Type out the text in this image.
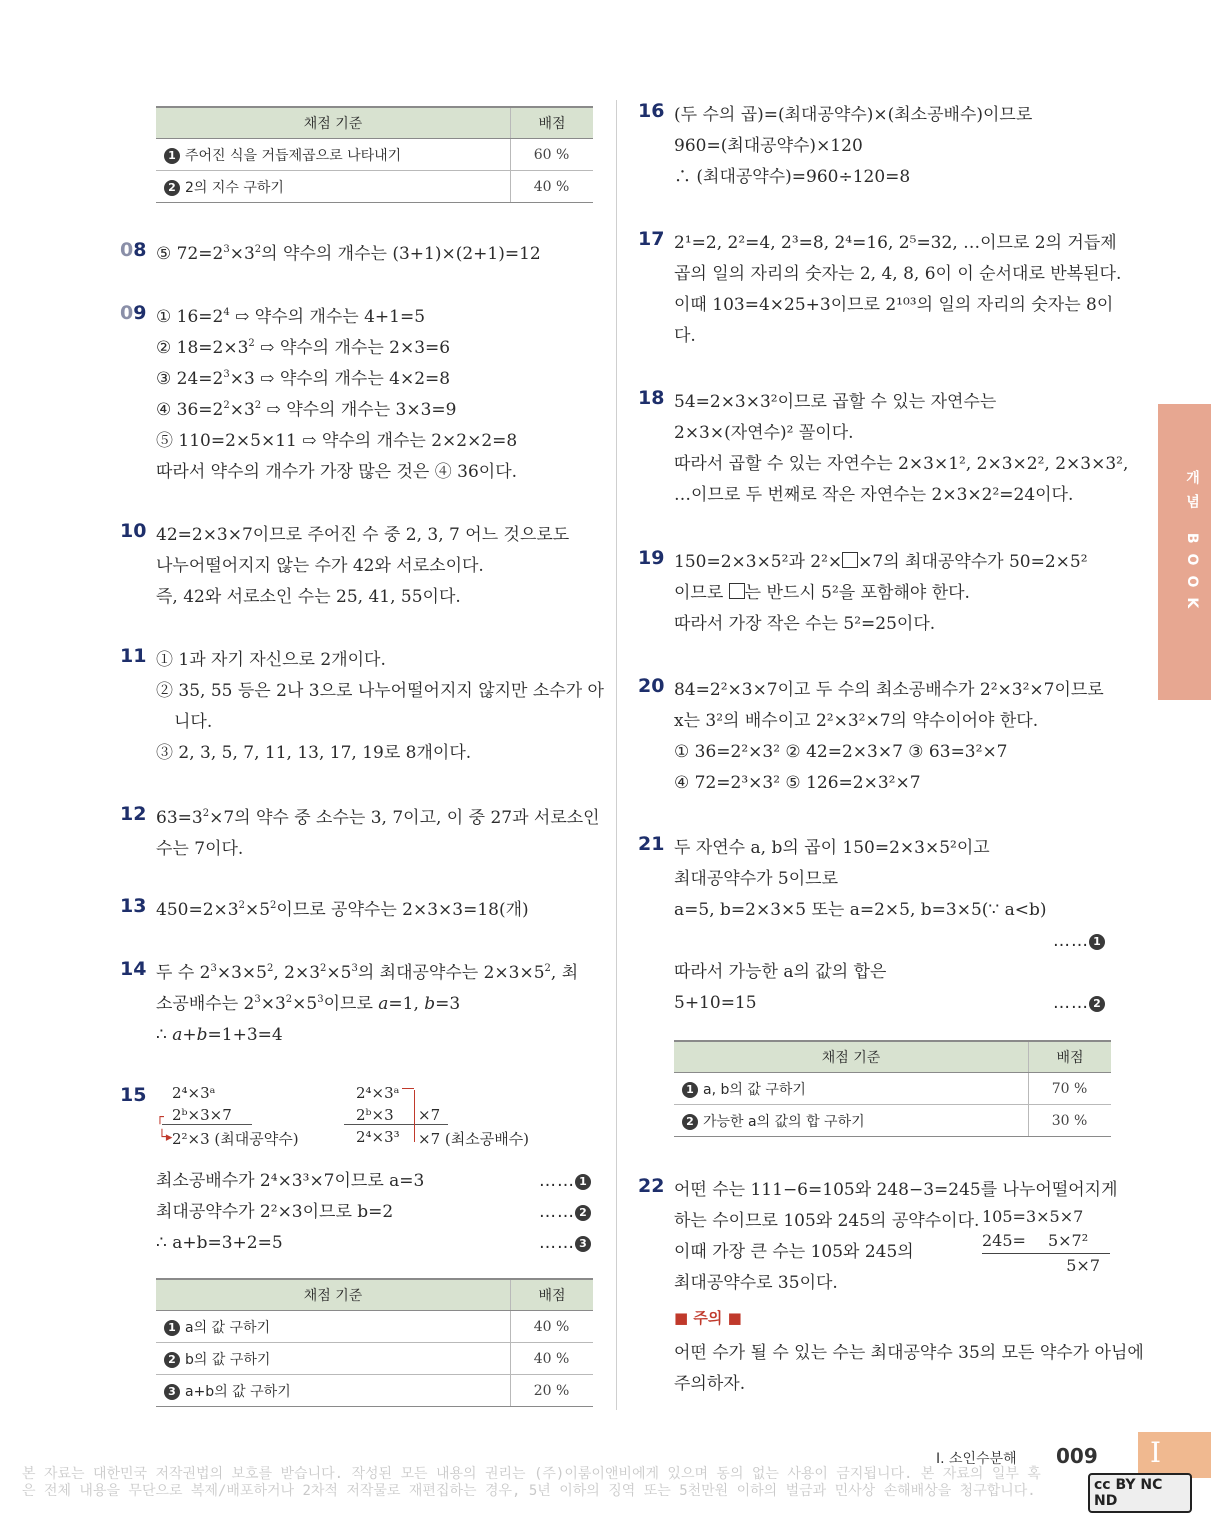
채점 기준	배점
1 주어진 식을 거듭제곱으로 나타내기	60 %
2 2의 지수 구하기	40 %
08 ⑤ $72=2^3\times 3^2$의 약수의 개수는 (3+1)×(2+1)=12
09 ① $16=2^4$ ⇨ 약수의 개수는 4+1=5
② $18=2\times 3^2$ ⇨ 약수의 개수는 2×3=6
③ $24=2^3\times 3$ ⇨ 약수의 개수는 4×2=8
④ $36=2^2\times 3^2$ ⇨ 약수의 개수는 3×3=9
⑤ 110=2×5×11 ⇨ 약수의 개수는 2×2×2=8
따라서 약수의 개수가 가장 많은 것은 ④ 36이다.
10 42=2×3×7이므로 주어진 수 중 2, 3, 7 어느 것으로도
나누어떨어지지 않는 수가 42와 서로소이다.
즉, 42와 서로소인 수는 25, 41, 55이다.
11 ① 1과 자기 자신으로 2개이다.
② 35, 55 등은 2나 3으로 나누어떨어지지 않지만 소수가 아
니다.
③ 2, 3, 5, 7, 11, 13, 17, 19로 8개이다.
12 $63=3^2\times 7$의 약수 중 소수는 3, 7이고, 이 중 27과 서로소인
수는 7이다.
13 $450=2\times 3^2\times 5^2$이므로 공약수는 2×3×3=18(개)
14 두 수 $2^3\times 3\times 5^2$, $2\times 3^2\times 5^3$의 최대공약수는 $2\times 3\times 5^2$, 최
소공배수는 $2^3\times 3^2\times 5^3$이므로 a=1, b=3
∴ a+b=1+3=4
15 2⁴×3ᵃ
2ᵇ×3×7
2²×3 (최대공약수)
┌
└▸
2⁴×3ᵃ
2ᵇ×3 ×7
2⁴×3³ ×7 (최소공배수)
최소공배수가 2⁴×3³×7이므로 a=3	…… 1
최대공약수가 2²×3이므로 b=2	…… 2
∴ a+b=3+2=5	…… 3
채점 기준	배점
1 a의 값 구하기	40 %
2 b의 값 구하기	40 %
3 a+b의 값 구하기	20 %
16 (두 수의 곱)=(최대공약수)×(최소공배수)이므로
960=(최대공약수)×120
∴ (최대공약수)=960÷120=8
17 2¹=2, 2²=4, 2³=8, 2⁴=16, 2⁵=32, …이므로 2의 거듭제
곱의 일의 자리의 숫자는 2, 4, 8, 6이 이 순서대로 반복된다.
이때 103=4×25+3이므로 2¹⁰³의 일의 자리의 숫자는 8이
다.
18 54=2×3×3²이므로 곱할 수 있는 자연수는
2×3×(자연수)² 꼴이다.
따라서 곱할 수 있는 자연수는 2×3×1², 2×3×2², 2×3×3²,
…이므로 두 번째로 작은 자연수는 2×3×2²=24이다.
19 150=2×3×5²과 2²× ×7의 최대공약수가 50=2×5²
이므로 는 반드시 5²을 포함해야 한다.
따라서 가장 작은 수는 5²=25이다.
20 84=2²×3×7이고 두 수의 최소공배수가 2²×3²×7이므로
x는 3²의 배수이고 2²×3²×7의 약수이어야 한다.
① 36=2²×3² ② 42=2×3×7 ③ 63=3²×7
④ 72=2³×3² ⑤ 126=2×3²×7
21 두 자연수 a, b의 곱이 150=2×3×5²이고
최대공약수가 5이므로
a=5, b=2×3×5 또는 a=2×5, b=3×5(∵ a<b)
…… 1
따라서 가능한 a의 값의 합은
5+10=15	…… 2
채점 기준	배점
1 a, b의 값 구하기	70 %
2 가능한 a의 값의 합 구하기	30 %
22 어떤 수는 111−6=105와 248−3=245를 나누어떨어지게
하는 수이므로 105와 245의 공약수이다.
이때 가장 큰 수는 105와 245의
최대공약수로 35이다.
105=3×5×7
245= 5×7²
5×7
■ 주의 ■
어떤 수가 될 수 있는 수는 최대공약수 35의 모든 약수가 아님에
주의하자.
개념 BOOK
Ⅰ. 소인수분해 009 Ⅰ
본 자료는 대한민국 저작권법의 보호를 받습니다. 작성된 모든 내용의 권리는 (주)이룸이앤비에게 있으며 동의 없는 사용이 금지됩니다. 본 자료의 일부 혹은 전체 내용을 무단으로 복제/배포하거나 2차적 저작물로 재편집하는 경우, 5년 이하의 징역 또는 5천만원 이하의 벌금과 민사상 손해배상을 청구합니다.	cc BY NC ND
